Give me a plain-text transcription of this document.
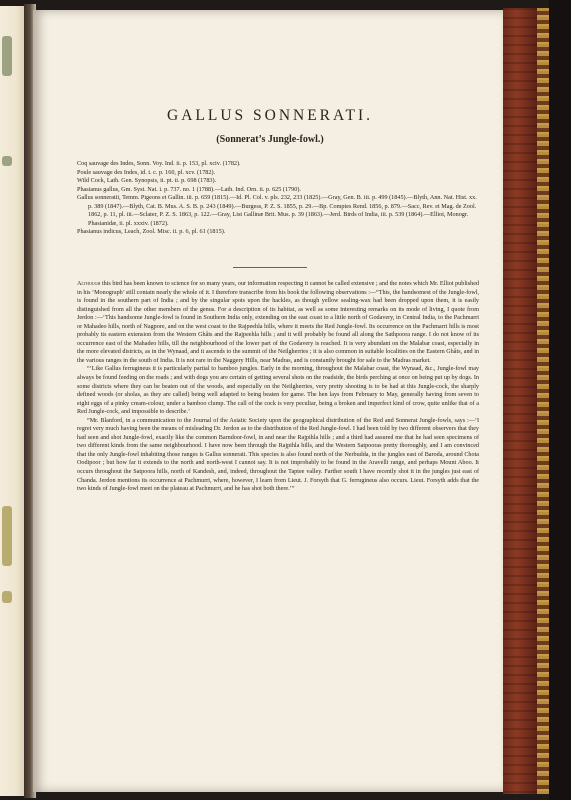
GALLUS SONNERATI.
(Sonnerat’s Jungle-fowl.)
Coq sauvage des Indes, Sonn. Voy. Ind. ii. p. 153, pl. xciv. (1782).
Poule sauvage des Indes, id. t. c. p. 160, pl. xcv. (1782).
Wild Cock, Lath. Gen. Synopsis, ii. pt. ii. p. 698 (1783).
Phasianus gallus, Gm. Syst. Nat. i. p. 737. no. 1 (1788).—Lath. Ind. Orn. ii. p. 625 (1790).
Gallus sonneratii, Temm. Pigeons et Gallin. iii. p. 659 (1815).—Id. Pl. Col. v. pls. 232, 233 (1825).—Gray, Gen. B. iii. p. 499 (1845).—Blyth, Ann. Nat. Hist. xx. p. 389 (1847).—Blyth, Cat. B. Mus. A. S. B. p. 243 (1849).—Burgess, P. Z. S. 1855, p. 29.—Bp. Comptes Rend. 1856, p. 879.—Sacc, Rev. et Mag. de Zool. 1862, p. 11, pl. iii.—Sclater, P. Z. S. 1863, p. 122.—Gray, List Gallinæ Brit. Mus. p. 39 (1863).—Jerd. Birds of India, iii. p. 539 (1864).—Elliot, Monogr. Phasianidæ, ii. pl. xxxiv. (1872).
Phasianus indicus, Leach, Zool. Misc. ii. p. 6, pl. 61 (1815).

Although this bird has been known to science for so many years, our information respecting it cannot be called extensive ; and the notes which Mr. Elliot published in his ‘Monograph’ still contain nearly the whole of it. I therefore transcribe from his book the following observations :—“This, the handsomest of the Jungle-fowl, is found in the southern part of India ; and by the singular spots upon the hackles, as though yellow sealing-wax had been dropped upon them, it is easily distinguished from all the other members of the genus. For a description of its habitat, as well as some interesting remarks on its mode of living, I quote from Jerdon :—‘This handsome Jungle-fowl is found in Southern India only, extending on the east coast to a little north of Godavery, in Central India, to the Pachmarri or Mahadeo hills, north of Nagpore, and on the west coast to the Rajpeehla hills, where it meets the Red Jungle-fowl. Its occurrence on the Pachmarri hills is most probably its eastern extension from the Western Ghâts and the Rajpeehla hills ; and it will probably be found all along the Sathpoora range. I do not know of its occurrence east of the Mahadeo hills, till the neighbourhood of the lower part of the Godavery is reached. It is very abundant on the Malabar coast, especially in the more elevated districts, as in the Wynaad, and it ascends to the summit of the Neilgherries ; it is also common in suitable localities on the Eastern Ghâts, and in the various ranges in the south of India. It is not rare in the Naggery Hills, near Madras, and is constantly brought for sale to the Madras market.

“‘Like Gallus ferrugineus it is particularly partial to bamboo jungles. Early in the morning, throughout the Malabar coast, the Wynaad, &c., Jungle-fowl may always be found feeding on the roads ; and with dogs you are certain of getting several shots on the roadside, the birds perching at once on being put up by dogs. In some districts where they can be beaten out of the woods, and especially on the Neilgherries, very pretty shooting is to be had at this Jungle-cock, the sharply defined woods (or sholas, as they are called) being well adapted to being beaten for game. The hen lays from February to May, generally having from seven to eight eggs of a pinky cream-colour, under a bamboo clump. The call of the cock is very peculiar, being a broken and imperfect kind of crow, quite unlike that of a Red Jungle-cock, and impossible to describe.’

“Mr. Blanford, in a communication to the Journal of the Asiatic Society upon the geographical distribution of the Red and Sonnerat Jungle-fowls, says :—‘I regret very much having been the means of misleading Dr. Jerdon as to the distribution of the Red Jungle-fowl. I had been told by two different observers that they had seen and shot Jungle-fowl, exactly like the common Barndoor-fowl, in and near the Rajpihla hills ; and a third had assured me that he had seen specimens of two different kinds from the same neighbourhood. I have now been through the Rajpihla hills, and the Western Satpooras pretty thoroughly, and I am convinced that the only Jungle-fowl inhabiting those ranges is Gallus sonnerati. This species is also found north of the Nerbudda, in the jungles east of Baroda, around Chota Oodipoor ; but how far it extends to the north and north-west I cannot say. It is not improbably to be found in the Aravelli range, and perhaps Mount Aboo. It occurs throughout the Satpoora hills, north of Kandesh, and, indeed, throughout the Taptee valley. Farther south I have recently shot it in the jungles just east of Chanda. Jerdon mentions its occurrence at Pachmurri, where, however, I learn from Lieut. J. Forsyth that G. ferrugineus also occurs. Lieut. Forsyth adds that the two kinds of Jungle-fowl meet on the plateau at Pachmurri, and he has shot both there.’”
